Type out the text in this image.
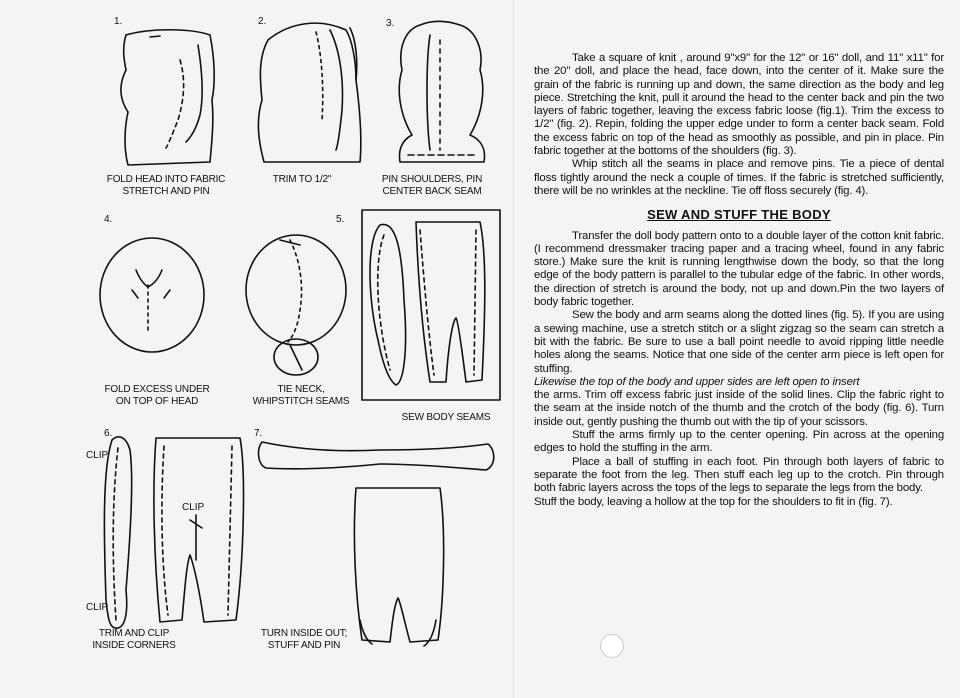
1.	2.	3.
4.	5.
6.	7.
FOLD HEAD INTO FABRIC
STRETCH AND PIN
TRIM TO 1/2"	PIN SHOULDERS, PIN
CENTER BACK SEAM
FOLD EXCESS UNDER
ON TOP OF HEAD
TIE NECK,
WHIPSTITCH SEAMS
SEW BODY SEAMS
TRIM AND CLIP
INSIDE CORNERS
TURN INSIDE OUT;
STUFF AND PIN
CLIP
CLIP
CLIP

Take a square of knit , around 9"x9" for the 12" or 16" doll, and 11" x11" for the 20" doll, and place the head, face down, into the center of it. Make sure the grain of the fabric is running up and down, the same direction as the body and leg piece. Stretching the knit, pull it around the head to the center back and pin the two layers of fabric together, leaving the excess fabric loose (fig.1). Trim the excess to 1/2" (fig. 2). Repin, folding the upper edge under to form a center back seam. Fold the excess fabric on top of the head as smoothly as possible, and pin in place. Pin fabric together at the bottoms of the shoulders (fig. 3).

Whip stitch all the seams in place and remove pins. Tie a piece of dental floss tightly around the neck a couple of times. If the fabric is stretched sufficiently, there will be no wrinkles at the neckline. Tie off floss securely (fig. 4).

SEW AND STUFF THE BODY

Transfer the doll body pattern onto to a double layer of the cotton knit fabric.(I recommend dressmaker tracing paper and a tracing wheel, found in any fabric store.) Make sure the knit is running lengthwise down the body, so that the long edge of the body pattern is parallel to the tubular edge of the fabric. In other words, the direction of stretch is around the body, not up and down.Pin the two layers of body fabric together.

Sew the body and arm seams along the dotted lines (fig. 5). If you are using a sewing machine, use a stretch stitch or a slight zigzag so the seam can stretch a bit with the fabric. Be sure to use a ball point needle to avoid ripping little needle holes along the seams. Notice that one side of the center arm piece is left open for stuffing.

Likewise the top of the body and upper sides are left open to insert

the arms. Trim off excess fabric just inside of the solid lines. Clip the fabric right to the seam at the inside notch of the thumb and the crotch of the body (fig. 6). Turn inside out, gently pushing the thumb out with the tip of your scissors.

Stuff the arms firmly up to the center opening. Pin across at the opening edges to hold the stuffing in the arm.

Place a ball of stuffing in each foot. Pin through both layers of fabric to separate the foot from the leg. Then stuff each leg up to the crotch. Pin through both fabric layers across the tops of the legs to separate the legs from the body.

Stuff the body, leaving a hollow at the top for the shoulders to fit in (fig. 7).
